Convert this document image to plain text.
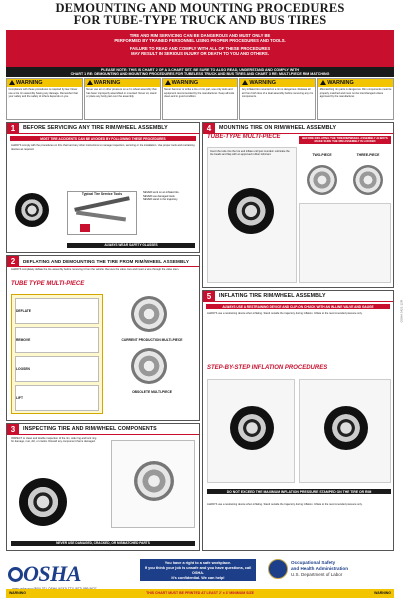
DEMOUNTING AND MOUNTING PROCEDURES
FOR TUBE-TYPE TRUCK AND BUS TIRES
TIRE AND RIM SERVICING CAN BE DANGEROUS AND MUST ONLY BE
PERFORMED BY TRAINED PERSONNEL USING PROPER PROCEDURES AND TOOLS.
FAILURE TO READ AND COMPLY WITH ALL OF THESE PROCEDURES
MAY RESULT IN SERIOUS INJURY OR DEATH TO YOU AND OTHERS.
PLEASE NOTE: THIS IS CHART 2 OF A 3-CHART SET. BE SURE TO ALSO READ, UNDERSTAND AND COMPLY WITH
CHART 1 RE: DEMOUNTING AND MOUNTING PROCEDURES FOR TUBELESS TRUCK AND BUS TIRES AND CHART 3 RE: MULTI-PIECE RIM MATCHING
WARNING
Compliance with these procedures is required by law. Never use a tire rim assembly having any damage. Remember that your safety and the safety of others depends on you.
WARNING
Never use air or other pressure on a rim wheel assembly that has been improperly assembled or mounted. Never sit, stand or place any body part over the assembly.
WARNING
Never hammer or strike a tire or rim part, use only tools and equipment recommended by the manufacturer. Keep all tools clean and in good condition.
WARNING
Any inflated tire mounted on a rim is dangerous. Release all air from both tires of a dual assembly before removing any rim components.
WARNING
Mismatching rim parts is dangerous. Rim components must be properly matched and must not be interchanged unless approved by the manufacturer.
1	BEFORE SERVICING ANY TIRE RIM/WHEEL ASSEMBLY
MOST TIRE ACCIDENTS CAN BE AVOIDED BY FOLLOWING THESE PROCEDURES
ALWAYS comply with the procedures on this chart and any other instructions to manage inspection, servicing or tire installation. Use proper tools and restraining devices as required.
Typical Tire Service Tools	NEVER work on an inflated tire.
NEVER use damaged tools.
NEVER stand in the trajectory.
ALWAYS WEAR SAFETY GLASSES
2	DEFLATING AND DEMOUNTING THE TIRE FROM RIM/WHEEL ASSEMBLY
ALWAYS completely deflate the tire assembly before removing it from the vehicle. Remove the valve core and insert a wire through the valve stem.
TUBE TYPE MULTI-PIECE
DEFLATE
REMOVE
LOOSEN
LIFT
CURRENT PRODUCTION MULTI-PIECE
OBSOLETE MULTI-PIECE
3	INSPECTING TIRE AND RIM/WHEEL COMPONENTS
INSPECT or clean and double inspection of the rim, side ring and lock ring for damage, rust, dirt, or cracks. Discard any component that is damaged.
NEVER USE DAMAGED, CRACKED, OR MISMATCHED PARTS
4	MOUNTING TIRE ON RIM/WHEEL ASSEMBLY
TUBE-TYPE MULTI-PIECE	BEFORE INFLATING THE TIRE/RIM/WHEEL ASSEMBLY ALWAYS MAKE SURE THE RIM ASSEMBLY IS LOCKED
Insert the tube into the tire and inflate until just rounded. Lubricate the tire beads and flap with an approved rubber lubricant.	TWO-PIECE	THREE-PIECE
5	INFLATING TIRE RIM/WHEEL ASSEMBLY
ALWAYS USE A RESTRAINING DEVICE AND CLIP-ON CHUCK WITH AN IN-LINE VALVE AND GAUGE
ALWAYS use a restraining device when inflating. Stand outside the trajectory during inflation. Inflate to the recommended pressure only.
STEP-BY-STEP INFLATION PROCEDURES
DO NOT EXCEED THE MAXIMUM INFLATION PRESSURE STAMPED ON THE TIRE OR RIM
ALWAYS use a restraining device when inflating. Stand outside the trajectory during inflation. Inflate to the recommended pressure only.
OSHA	You have a right to a safe workplace.
If you think your job is unsafe and you have questions, call OSHA.
It's confidential. We can help!
Occupational Safety
and Health Administration
U.S. Department of Labor
WARNING	THIS CHART MUST BE PRINTED AT LEAST 2' x 3' MINIMUM SIZE	WARNING
OSHA 3421-12R
